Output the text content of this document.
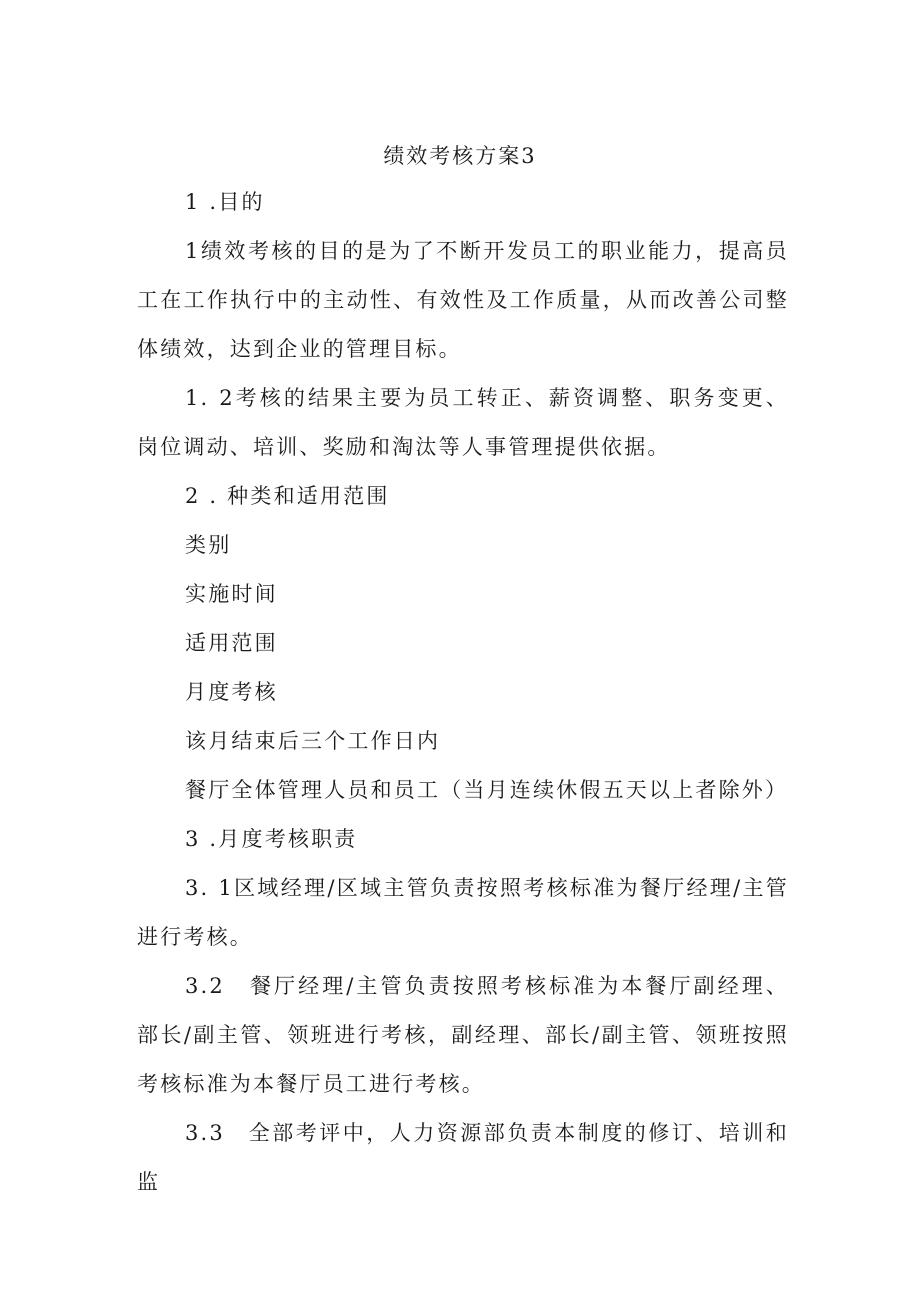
绩效考核方案3

1 .目的

1绩效考核的目的是为了不断开发员工的职业能力，提高员工在工作执行中的主动性、有效性及工作质量，从而改善公司整体绩效，达到企业的管理目标。

1. 2考核的结果主要为员工转正、薪资调整、职务变更、岗位调动、培训、奖励和淘汰等人事管理提供依据。

2 . 种类和适用范围

类别

实施时间

适用范围

月度考核

该月结束后三个工作日内

餐厅全体管理人员和员工（当月连续休假五天以上者除外）

3 .月度考核职责

3. 1区域经理/区域主管负责按照考核标准为餐厅经理/主管进行考核。

3.2　餐厅经理/主管负责按照考核标准为本餐厅副经理、部长/副主管、领班进行考核，副经理、部长/副主管、领班按照考核标准为本餐厅员工进行考核。

3.3　全部考评中，人力资源部负责本制度的修订、培训和监
